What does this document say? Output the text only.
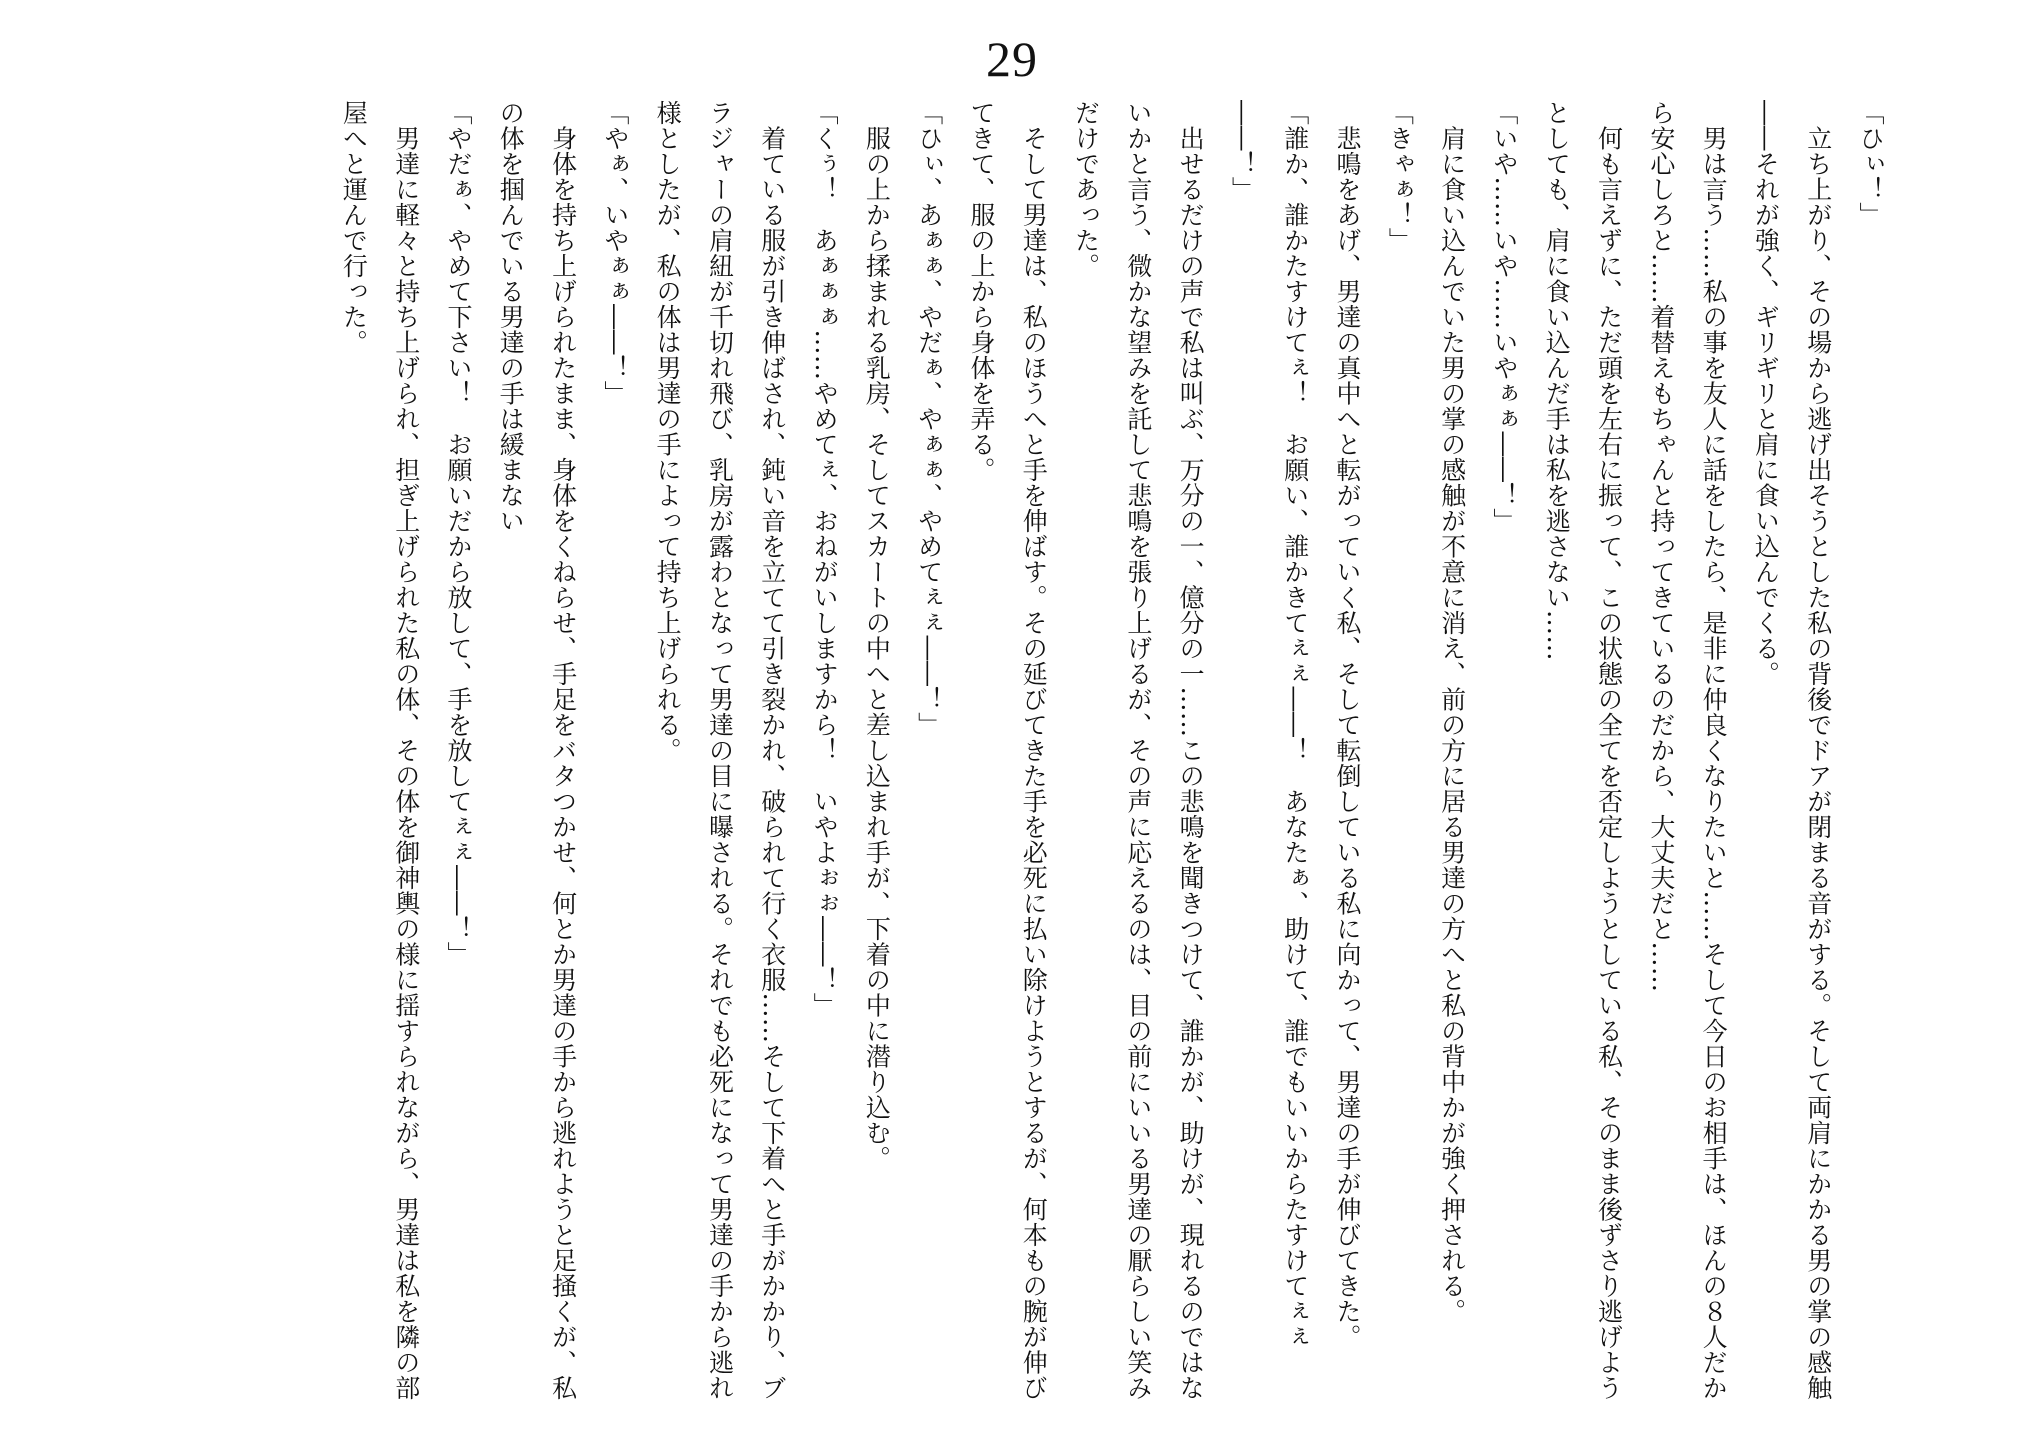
29

「ひぃ！」

　立ち上がり、その場から逃げ出そうとした私の背後でドアが閉まる音がする。そして両肩にかかる男の掌の感触――それが強く、ギリギリと肩に食い込んでくる。

　男は言う……私の事を友人に話をしたら、是非に仲良くなりたいと……そして今日のお相手は、ほんの８人だから安心しろと……着替えもちゃんと持ってきているのだから、大丈夫だと……

　何も言えずに、ただ頭を左右に振って、この状態の全てを否定しようとしている私、そのまま後ずさり逃げようとしても、肩に食い込んだ手は私を逃さない……

「いや……いや……いやぁぁ――！」

　肩に食い込んでいた男の掌の感触が不意に消え、前の方に居る男達の方へと私の背中かが強く押される。

「きゃぁ！」

　悲鳴をあげ、男達の真中へと転がっていく私、そして転倒している私に向かって、男達の手が伸びてきた。

「誰か、誰かたすけてぇ！　お願い、誰かきてぇぇ――！　あなたぁ、助けて、誰でもいいからたすけてぇぇ――！」

　出せるだけの声で私は叫ぶ、万分の一、億分の一……この悲鳴を聞きつけて、誰かが、助けが、現れるのではないかと言う、微かな望みを託して悲鳴を張り上げるが、その声に応えるのは、目の前にいいる男達の厭らしい笑みだけであった。

　そして男達は、私のほうへと手を伸ばす。その延びてきた手を必死に払い除けようとするが、何本もの腕が伸びてきて、服の上から身体を弄る。

「ひぃ、あぁぁ、やだぁ、やぁぁ、やめてぇぇ――！」

　服の上から揉まれる乳房、そしてスカートの中へと差し込まれ手が、下着の中に潜り込む。

「くぅ！　あぁぁぁ……やめてぇ、おねがいしますから！　いやよぉぉ――！」

　着ている服が引き伸ばされ、鈍い音を立てて引き裂かれ、破られて行く衣服……そして下着へと手がかかり、ブラジャーの肩紐が千切れ飛び、乳房が露わとなって男達の目に曝される。それでも必死になって男達の手から逃れ様としたが、私の体は男達の手によって持ち上げられる。

「やぁ、いやぁぁ――！」

　身体を持ち上げられたまま、身体をくねらせ、手足をバタつかせ、何とか男達の手から逃れようと足掻くが、私の体を掴んでいる男達の手は緩まない

「やだぁ、やめて下さい！　お願いだから放して、手を放してぇぇ――！」

　男達に軽々と持ち上げられ、担ぎ上げられた私の体、その体を御神輿の様に揺すられながら、男達は私を隣の部屋へと運んで行った。
